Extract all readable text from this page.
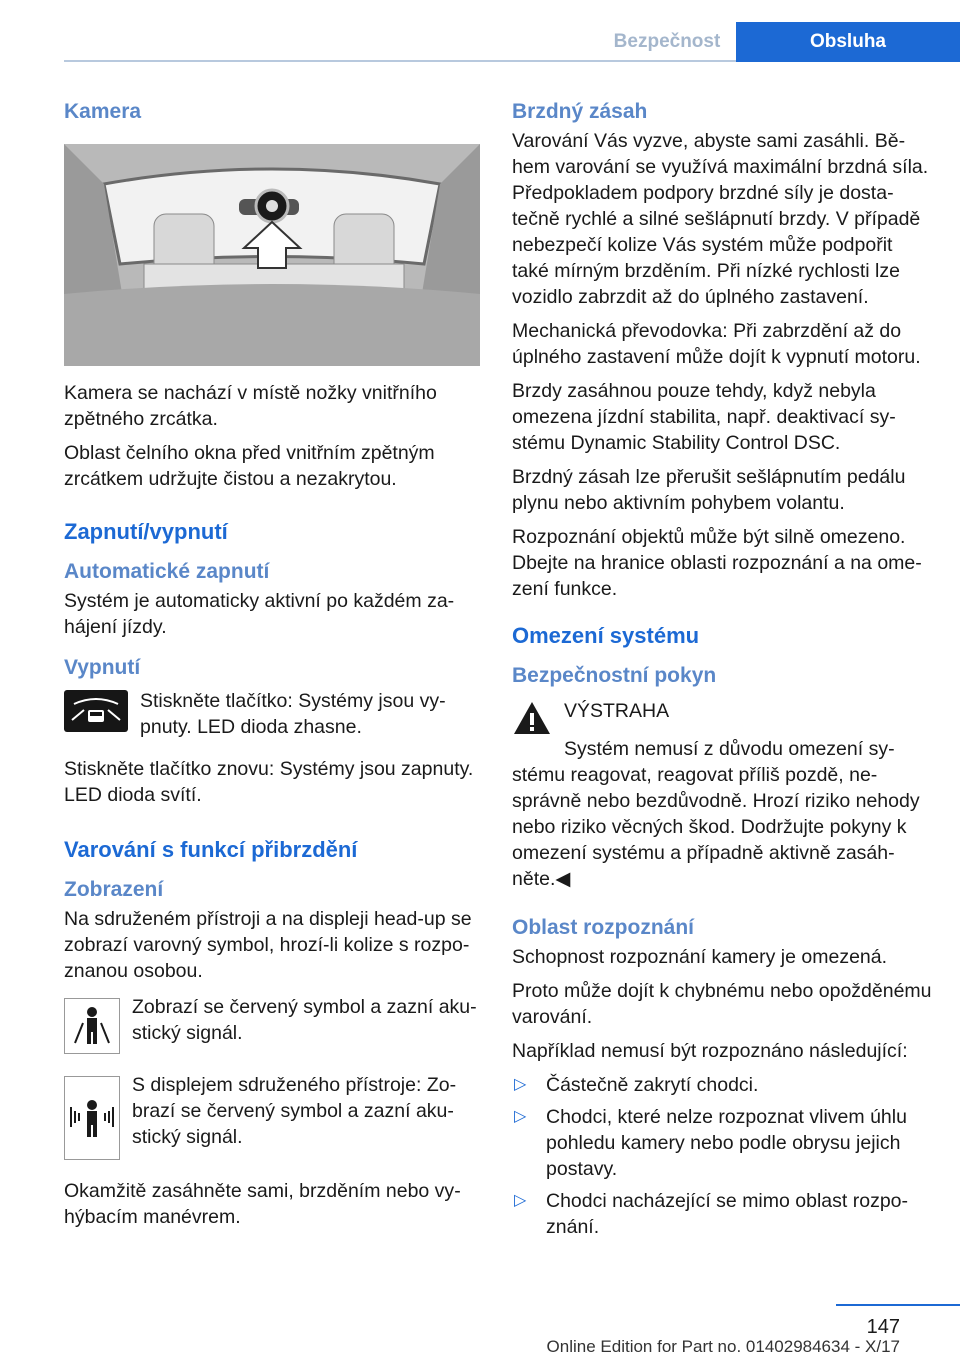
Bezpečnost	Obsluha
Kamera

Kamera se nachází v místě nožky vnitřního zpětného zrcátka.

Oblast čelního okna před vnitřním zpětným zrcátkem udržujte čistou a nezakrytou.

Zapnutí/vypnutí
Automatické zapnutí

Systém je automaticky aktivní po každém zahájení jízdy.

Vypnutí

Stiskněte tlačítko: Systémy jsou vypnuty. LED dioda zhasne.

Stiskněte tlačítko znovu: Systémy jsou zapnuty. LED dioda svítí.

Varování s funkcí přibrzdění
Zobrazení

Na sdruženém přístroji a na displeji head-up se zobrazí varovný symbol, hrozí-li kolize s rozpoznanou osobou.

Zobrazí se červený symbol a zazní akustický signál.

S displejem sdruženého přístroje: Zobrazí se červený symbol a zazní akustický signál.

Okamžitě zasáhněte sami, brzděním nebo vyhýbacím manévrem.

Brzdný zásah

Varování Vás vyzve, abyste sami zasáhli. Během varování se využívá maximální brzdná síla. Předpokladem podpory brzdné síly je dostatečně rychlé a silné sešlápnutí brzdy. V případě nebezpečí kolize Vás systém může podpořit také mírným brzděním. Při nízké rychlosti lze vozidlo zabrzdit až do úplného zastavení.

Mechanická převodovka: Při zabrzdění až do úplného zastavení může dojít k vypnutí motoru.

Brzdy zasáhnou pouze tehdy, když nebyla omezena jízdní stabilita, např. deaktivací systému Dynamic Stability Control DSC.

Brzdný zásah lze přerušit sešlápnutím pedálu plynu nebo aktivním pohybem volantu.

Rozpoznání objektů může být silně omezeno. Dbejte na hranice oblasti rozpoznání a na omezení funkce.

Omezení systému
Bezpečnostní pokyn

VÝSTRAHA

Systém nemusí z důvodu omezení systému reagovat, reagovat příliš pozdě, nesprávně nebo bezdůvodně. Hrozí riziko nehody nebo riziko věcných škod. Dodržujte pokyny k omezení systému a případně aktivně zasáhněte.◀

Oblast rozpoznání

Schopnost rozpoznání kamery je omezená.

Proto může dojít k chybnému nebo opožděnému varování.

Například nemusí být rozpoznáno následující:

▷ Částečně zakrytí chodci.
▷ Chodci, které nelze rozpoznat vlivem úhlu pohledu kamery nebo podle obrysu jejich postavy.
▷ Chodci nacházející se mimo oblast rozpoznání.
147
Online Edition for Part no. 01402984634 - X/17
